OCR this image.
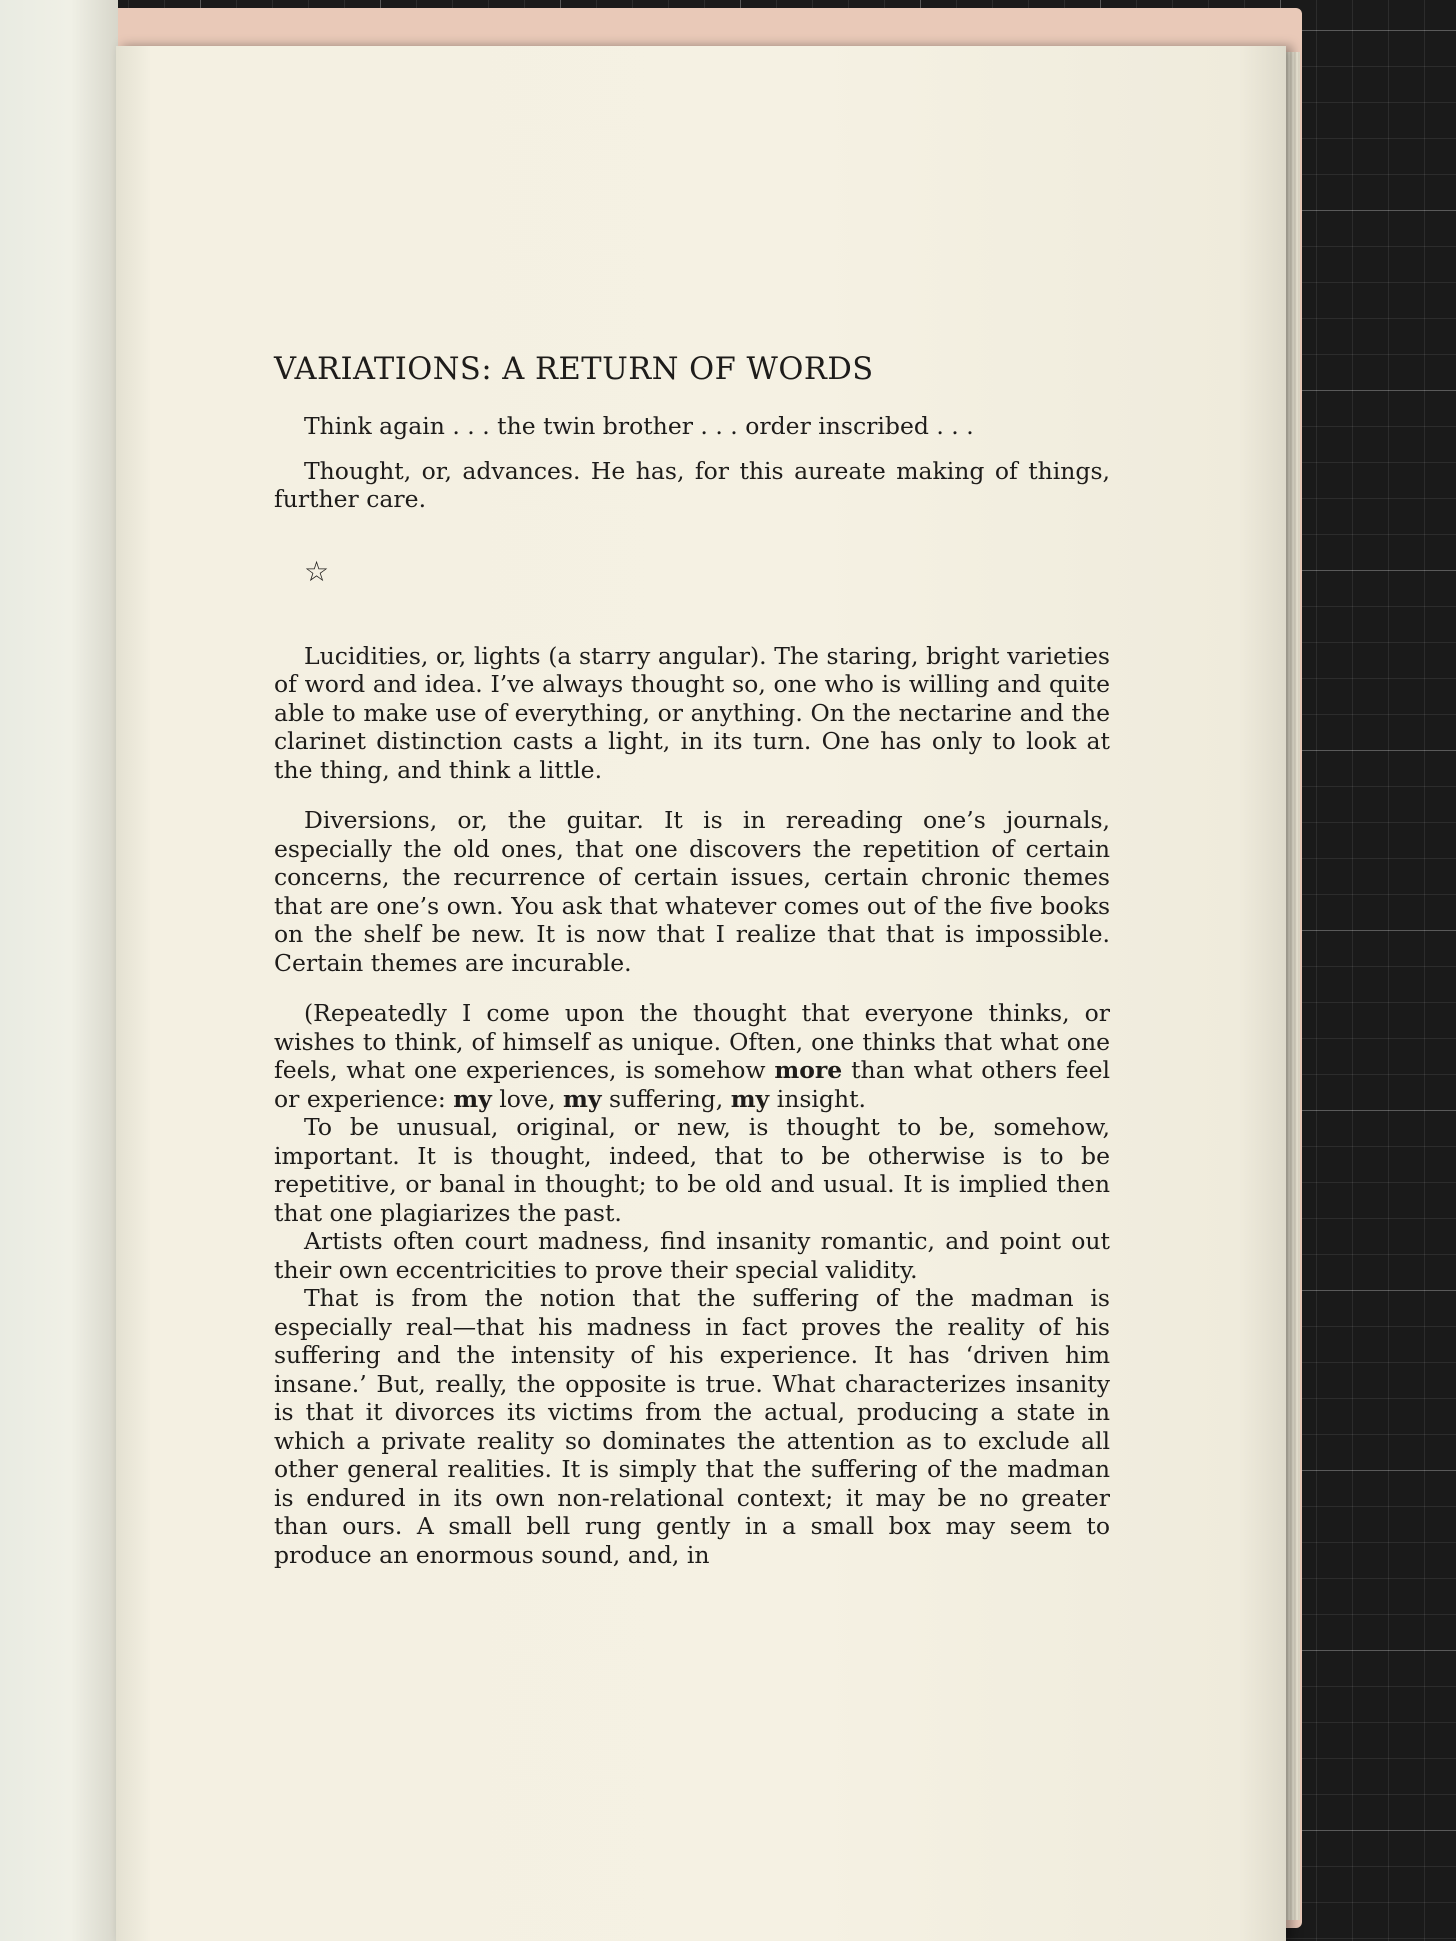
VARIATIONS: A RETURN OF WORDS

Think again . . . the twin brother . . . order inscribed . . .

Thought, or, advances. He has, for this aureate making of things, further care.

☆

Lucidities, or, lights (a starry angular). The staring, bright varieties of word and idea. I’ve always thought so, one who is willing and quite able to make use of everything, or anything. On the nectarine and the clarinet distinction casts a light, in its turn. One has only to look at the thing, and think a little.

Diversions, or, the guitar. It is in rereading one’s journals, especially the old ones, that one discovers the repetition of certain concerns, the recurrence of certain issues, certain chronic themes that are one’s own. You ask that whatever comes out of the five books on the shelf be new. It is now that I realize that that is impossible. Certain themes are incurable.

(Repeatedly I come upon the thought that everyone thinks, or wishes to think, of himself as unique. Often, one thinks that what one feels, what one experiences, is somehow more than what others feel or experience: my love, my suffering, my insight.

To be unusual, original, or new, is thought to be, somehow, important. It is thought, indeed, that to be otherwise is to be repetitive, or banal in thought; to be old and usual. It is implied then that one plagiarizes the past.

Artists often court madness, find insanity romantic, and point out their own eccentricities to prove their special validity.

That is from the notion that the suffering of the madman is especially real—that his madness in fact proves the reality of his suffering and the intensity of his experience. It has ‘driven him insane.’ But, really, the opposite is true. What characterizes insanity is that it divorces its victims from the actual, producing a state in which a private reality so dominates the attention as to exclude all other general realities. It is simply that the suffering of the madman is endured in its own non-relational context; it may be no greater than ours. A small bell rung gently in a small box may seem to produce an enormous sound, and, in
